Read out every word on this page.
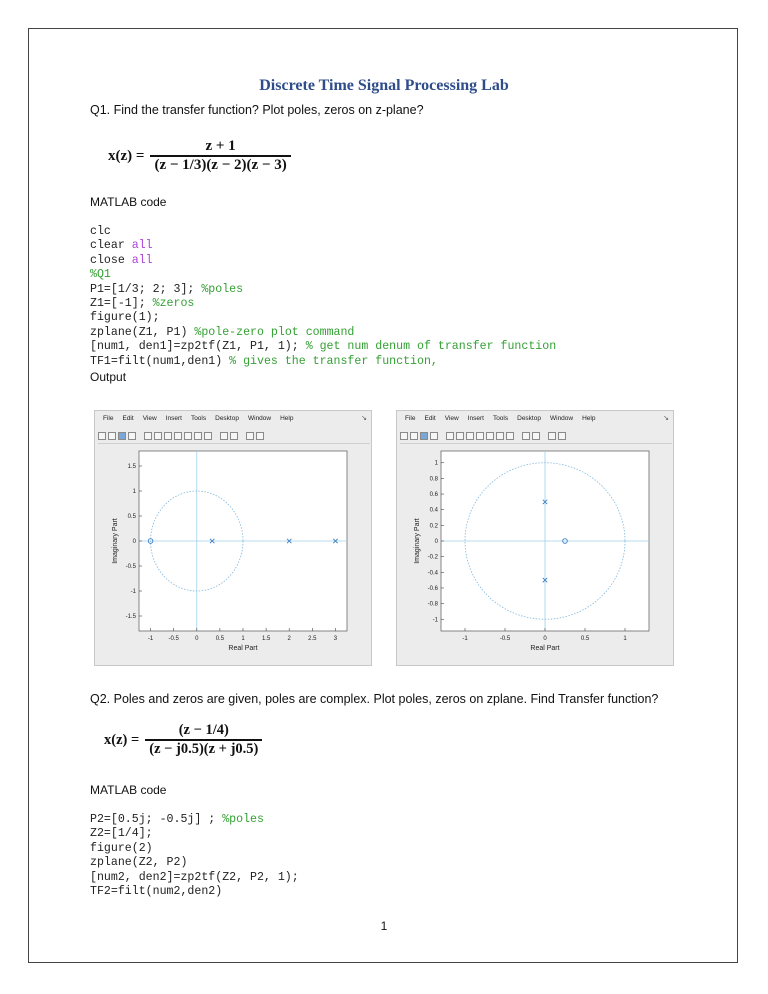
Discrete Time Signal Processing Lab
Q1. Find the transfer function? Plot poles, zeros on z-plane?
$x(z) = \frac{z + 1}{(z - 1/3)(z - 2)(z - 3)}$
MATLAB code
clc
clear all
close all
%Q1
P1=[1/3; 2; 3]; %poles
Z1=[-1]; %zeros
figure(1);
zplane(Z1, P1) %pole-zero plot command
[num1, den1]=zp2tf(Z1, P1, 1); % get num denum of transfer function
TF1=filt(num1,den1) % gives the transfer function,
Output
File Edit View Insert Tools Desktop Window Help	↘
-1	-0.5	0	0.5	1	1.5	2	2.5	3
-1.5
-1
-0.5
0
0.5
1
1.5
Real Part
Imaginary Part
File Edit View Insert Tools Desktop Window Help	↘
-1	-0.5	0	0.5	1
-1
-0.8
-0.6
-0.4
-0.2
0
0.2
0.4
0.6
0.8
1
Real Part
Imaginary Part
Q2. Poles and zeros are given, poles are complex. Plot poles, zeros on zplane. Find Transfer function?
$x(z) = \frac{(z - 1/4)}{(z - j0.5)(z + j0.5)}$
MATLAB code
P2=[0.5j; -0.5j] ; %poles
Z2=[1/4];
figure(2)
zplane(Z2, P2)
[num2, den2]=zp2tf(Z2, P2, 1);
TF2=filt(num2,den2)
1
